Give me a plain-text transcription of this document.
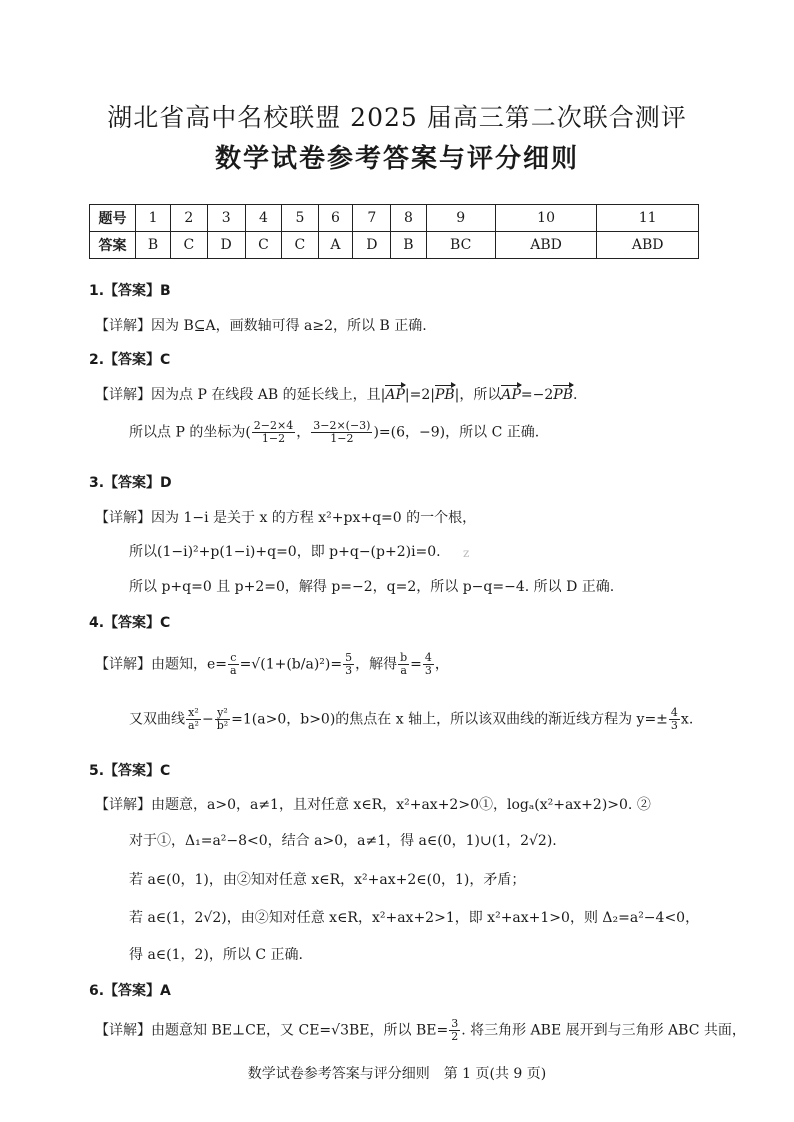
湖北省高中名校联盟 2025 届高三第二次联合测评
数学试卷参考答案与评分细则
题号	1	2	3	4	5	6	7	8	9	10	11
答案	B	C	D	C	C	A	D	B	BC	ABD	ABD
1.【答案】B
【详解】因为 B⊆A，画数轴可得 a≥2，所以 B 正确.
2.【答案】C
【详解】因为点 P 在线段 AB 的延长线上，且|AP|=2|PB|，所以AP=−2PB.
所以点 P 的坐标为( $\frac{2-2\times 4}{1-2}$ ， $\frac{3-2\times(-3)}{1-2} )=(6$，−9)，所以 C 正确.
3.【答案】D
【详解】因为 1−i 是关于 x 的方程 x²+px+q=0 的一个根，
所以(1−i)²+p(1−i)+q=0，即 p+q−(p+2)i=0.
所以 p+q=0 且 p+2=0，解得 p=−2，q=2，所以 p−q=−4. 所以 D 正确.
z
4.【答案】C
【详解】由题知，$e= \frac{c}{a} =√(1+(b/a)^2)= \frac{5}{3}$ ，解得 $\frac{b}{a} = \frac{4}{3}$ ，
又双曲线 $\frac{\text{x²}}{\text{a²}} - \frac{\text{y²}}{\text{b²}} =1(a>0$，b>0)的焦点在 x 轴上，所以该双曲线的渐近线方程为 $y=\pm \frac{4}{3} x$.
5.【答案】C
【详解】由题意，a>0，a≠1，且对任意 x∈R，x²+ax+2>0①，logₐ(x²+ax+2)>0. ②
对于①，Δ₁=a²−8<0，结合 a>0，a≠1，得 a∈(0，1)∪(1，2√2).
若 a∈(0，1)，由②知对任意 x∈R，x²+ax+2∈(0，1)，矛盾；
若 a∈(1，2√2)，由②知对任意 x∈R，x²+ax+2>1，即 x²+ax+1>0，则 Δ₂=a²−4<0，
得 a∈(1，2)，所以 C 正确.
6.【答案】A
【详解】由题意知 BE⊥CE，又 CE=√3BE，所以 $BE= \frac{3}{2}$ . 将三角形 ABE 展开到与三角形 ABC 共面，
数学试卷参考答案与评分细则　第 1 页(共 9 页)
